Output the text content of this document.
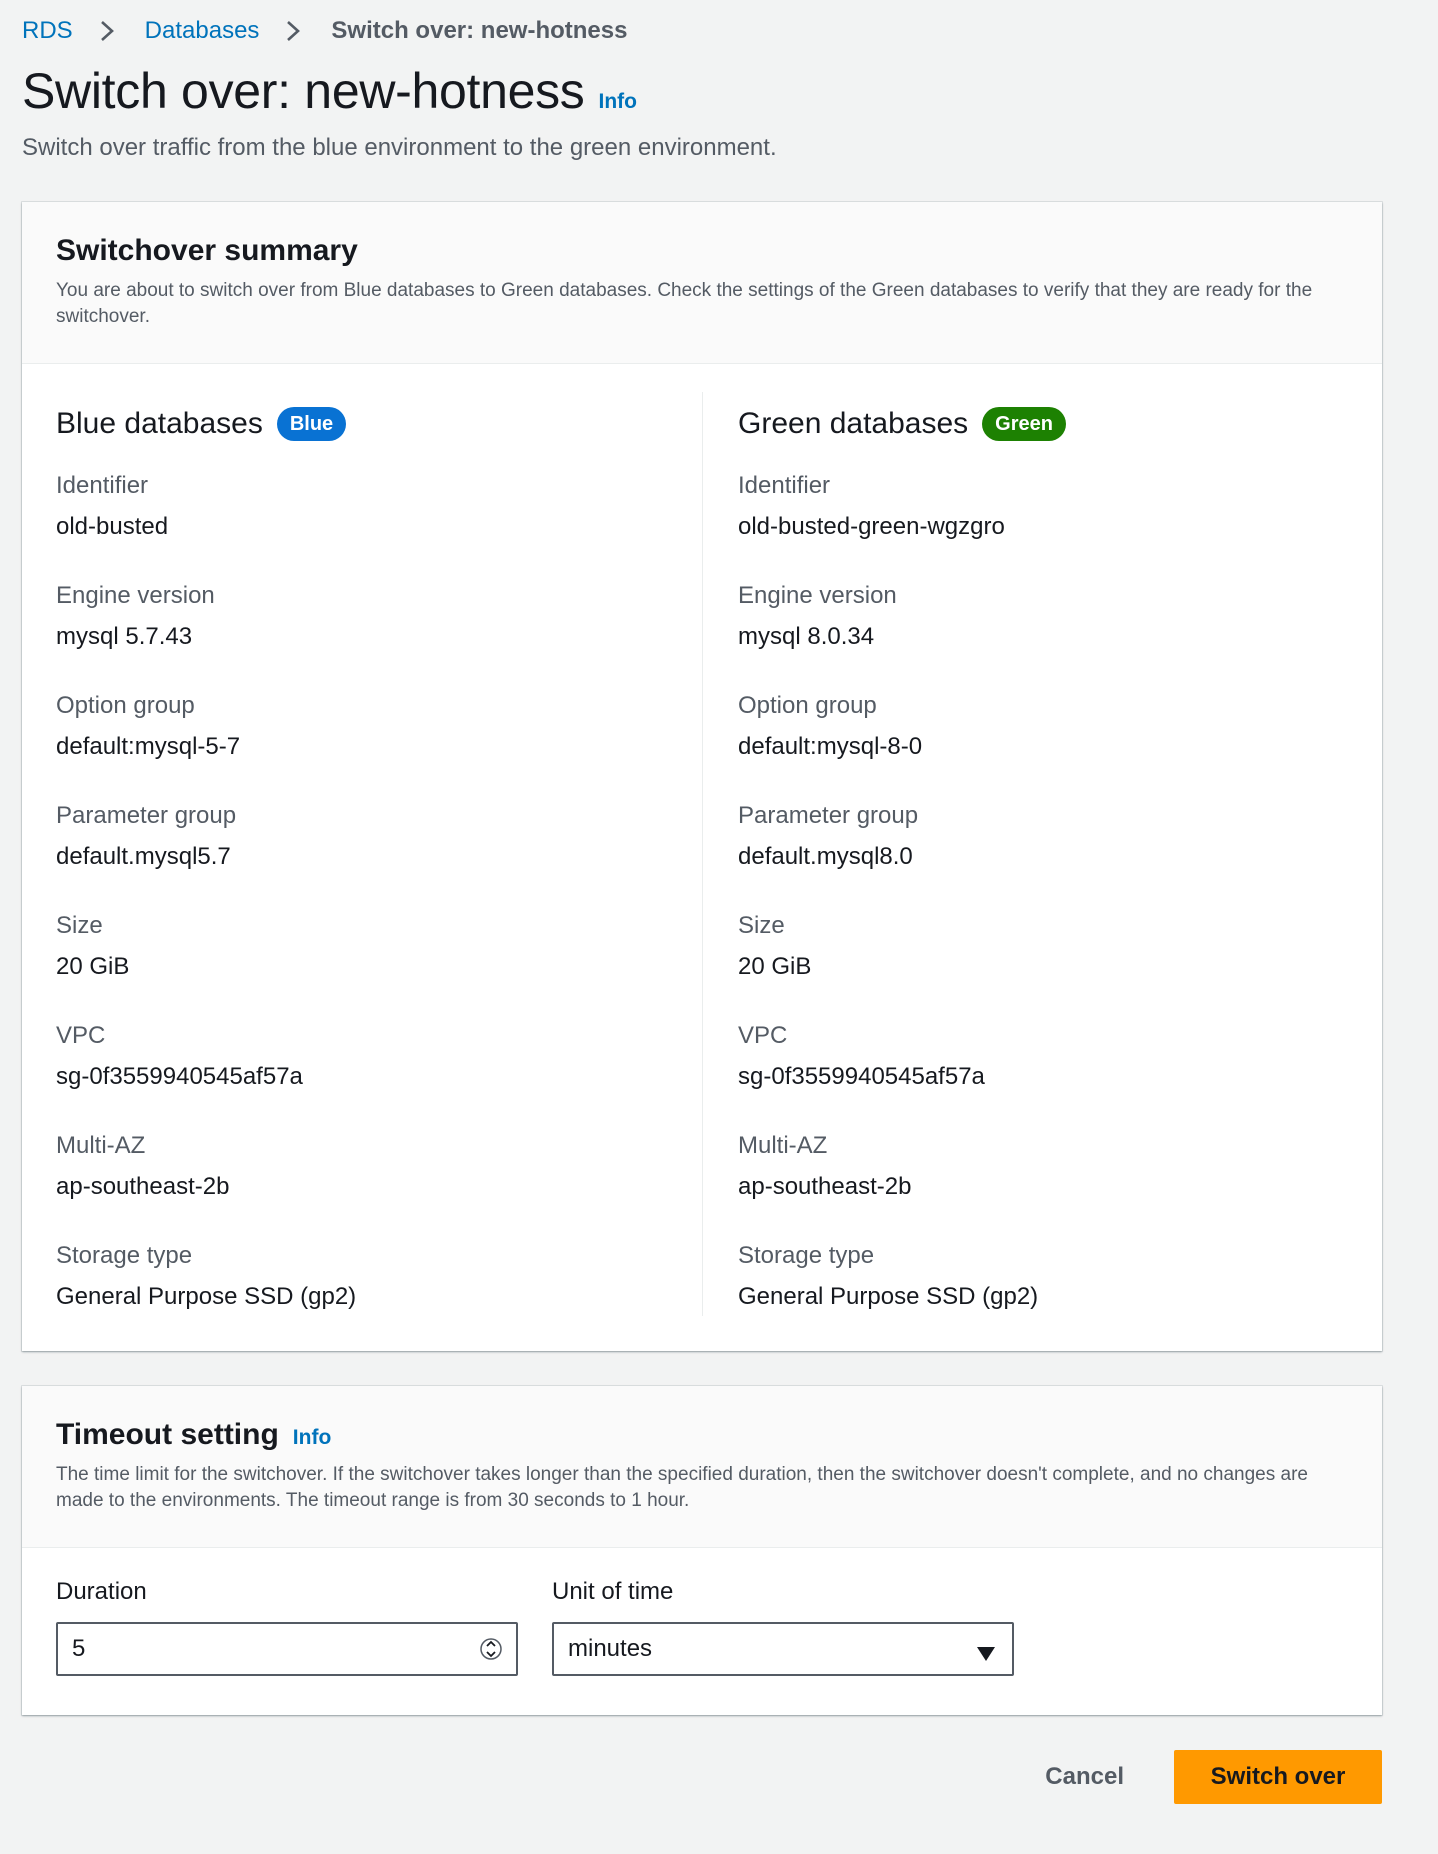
RDS	Databases	Switch over: new-hotness
Switch over: new-hotness Info

Switch over traffic from the blue environment to the green environment.

Switchover summary

You are about to switch over from Blue databases to Green databases. Check the settings of the Green databases to verify that they are ready for the switchover.

Blue databases	Blue
Identifier
old-busted
Engine version
mysql 5.7.43
Option group
default:mysql-5-7
Parameter group
default.mysql5.7
Size
20 GiB
VPC
sg-0f3559940545af57a
Multi-AZ
ap-southeast-2b
Storage type
General Purpose SSD (gp2)
Green databases	Green
Identifier
old-busted-green-wgzgro
Engine version
mysql 8.0.34
Option group
default:mysql-8-0
Parameter group
default.mysql8.0
Size
20 GiB
VPC
sg-0f3559940545af57a
Multi-AZ
ap-southeast-2b
Storage type
General Purpose SSD (gp2)
Timeout setting Info

The time limit for the switchover. If the switchover takes longer than the specified duration, then the switchover doesn't complete, and no changes are made to the environments. The timeout range is from 30 seconds to 1 hour.

Duration
5
Unit of time
minutes
Cancel	Switch over
